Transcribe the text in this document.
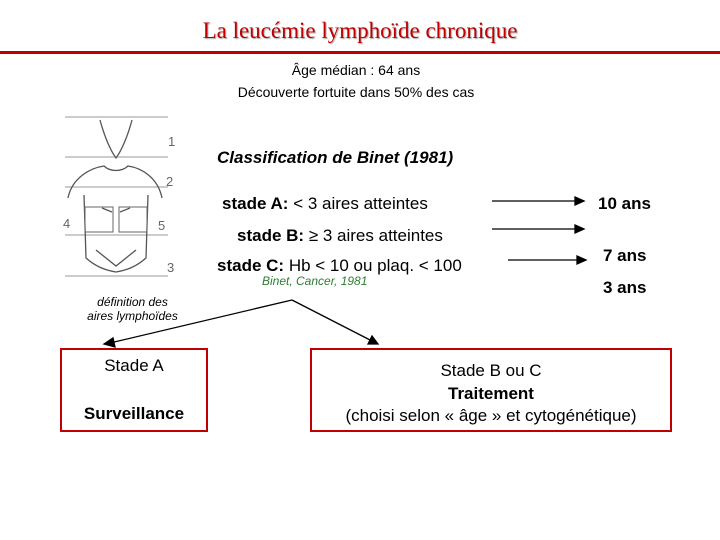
La leucémie lymphoïde chronique
Âge médian : 64 ans
Découverte fortuite dans 50% des cas
1
2
4	5
3
définition des
aires lymphoïdes
Classification de Binet (1981)
stade A: < 3 aires atteintes
stade B: ≥ 3 aires atteintes
stade C: Hb < 10 ou plaq. < 100
10 ans
7 ans
3 ans
Binet, Cancer, 1981
Stade A
Surveillance
Stade B ou C
Traitement
(choisi selon « âge » et cytogénétique)
